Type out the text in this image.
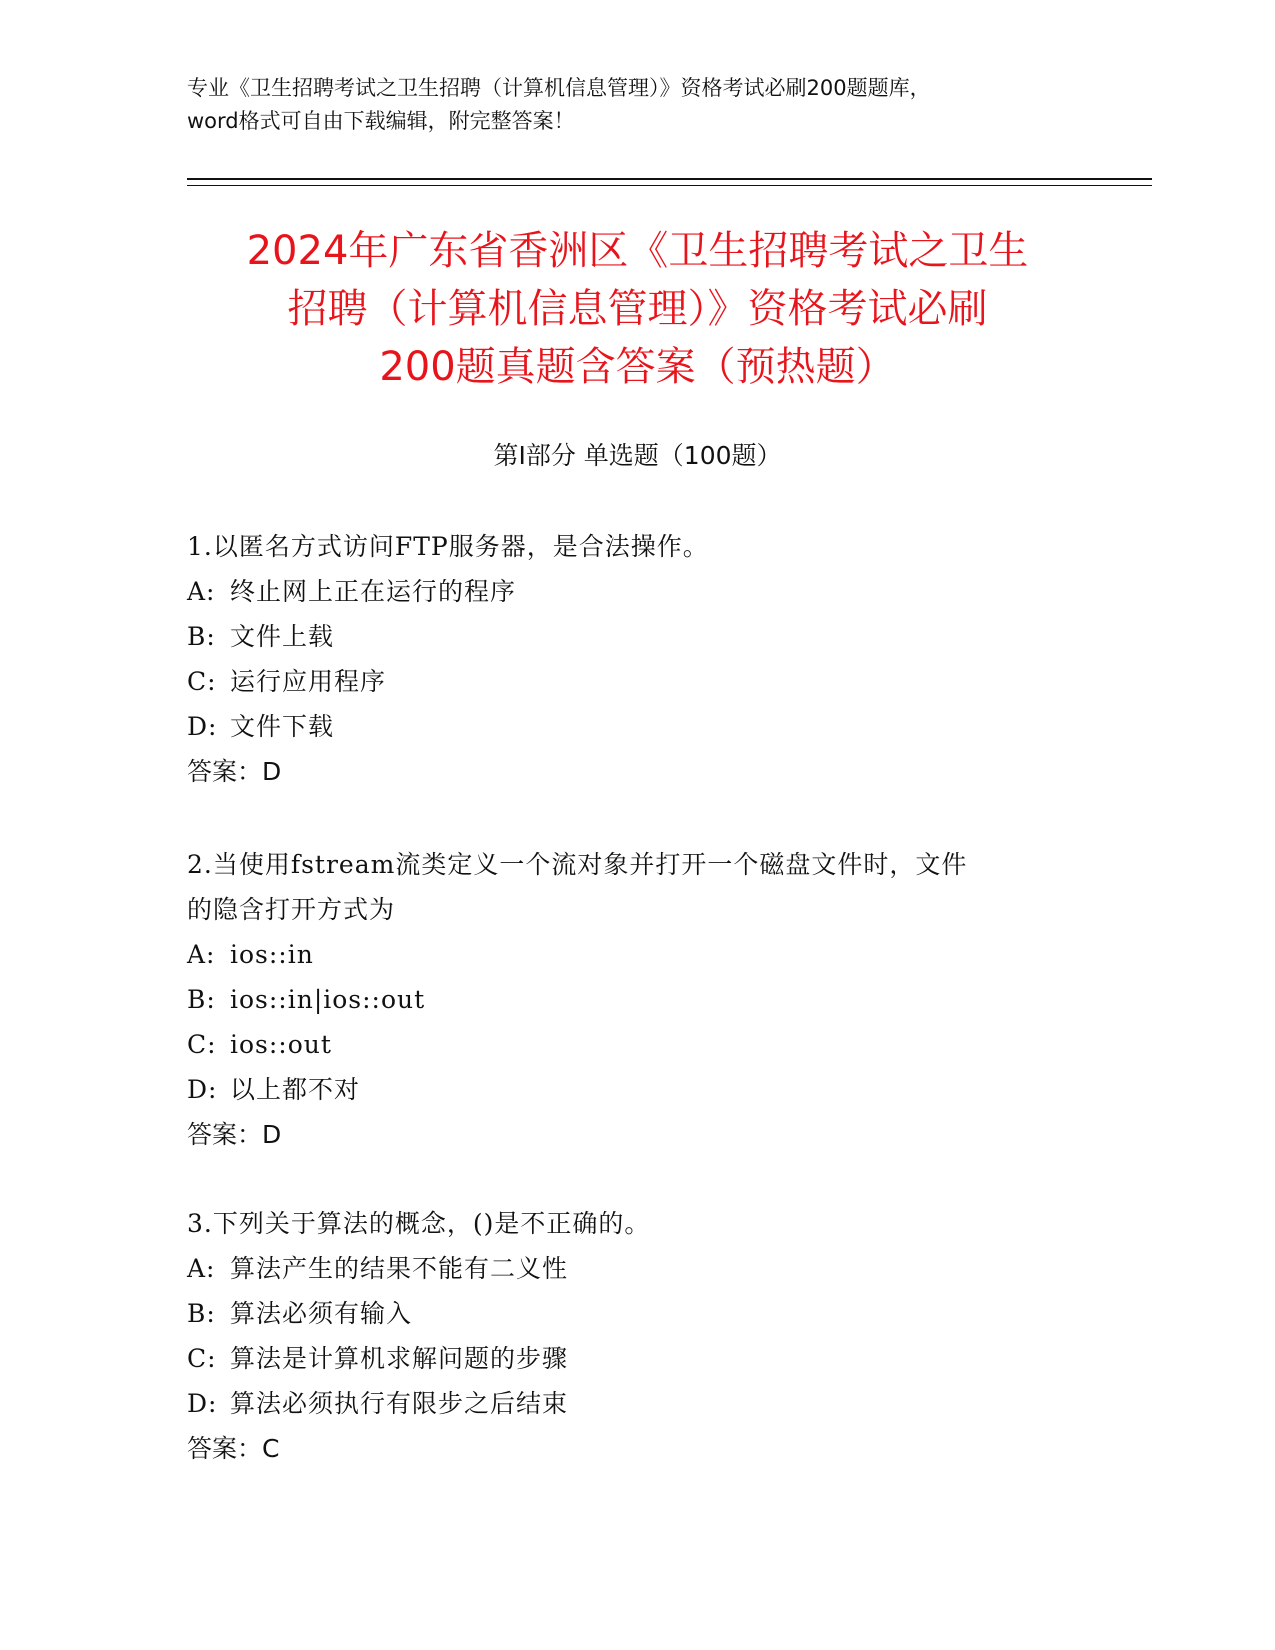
专业《卫生招聘考试之卫生招聘（计算机信息管理）》资格考试必刷200题题库，
word格式可自由下载编辑，附完整答案！
2024年广东省香洲区《卫生招聘考试之卫生
招聘（计算机信息管理）》资格考试必刷
200题真题含答案（预热题）
第I部分 单选题（100题）
1.以匿名方式访问FTP服务器，是合法操作。
A: 终止网上正在运行的程序
B: 文件上载
C: 运行应用程序
D: 文件下载
答案：D
2.当使用fstream流类定义一个流对象并打开一个磁盘文件时，文件
的隐含打开方式为
A: ios::in
B: ios::in|ios::out
C: ios::out
D: 以上都不对
答案：D
3.下列关于算法的概念，()是不正确的。
A: 算法产生的结果不能有二义性
B: 算法必须有输入
C: 算法是计算机求解问题的步骤
D: 算法必须执行有限步之后结束
答案：C
